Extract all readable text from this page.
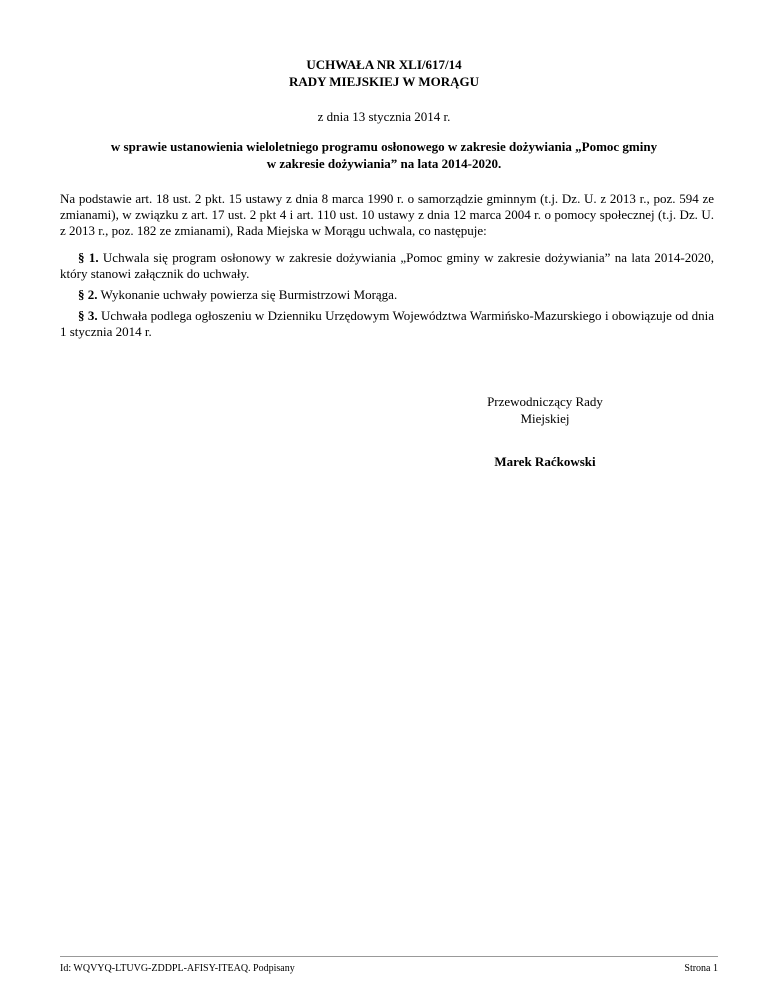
UCHWAŁA NR XLI/617/14
RADY MIEJSKIEJ W MORĄGU
z dnia 13 stycznia 2014 r.
w sprawie ustanowienia wieloletniego programu osłonowego w zakresie dożywiania „Pomoc gminy
w zakresie dożywiania” na lata 2014-2020.
Na podstawie art. 18 ust. 2 pkt. 15 ustawy z dnia 8 marca 1990 r. o samorządzie gminnym (t.j. Dz. U. z 2013 r., poz. 594 ze zmianami), w związku z art. 17 ust. 2 pkt 4 i art. 110 ust. 10 ustawy z dnia 12 marca 2004 r. o pomocy społecznej (t.j. Dz. U. z 2013 r., poz. 182 ze zmianami), Rada Miejska w Morągu uchwala, co następuje:
§ 1. Uchwala się program osłonowy w zakresie dożywiania „Pomoc gminy w zakresie dożywiania” na lata 2014-2020, który stanowi załącznik do uchwały.
§ 2. Wykonanie uchwały powierza się Burmistrzowi Morąga.
§ 3. Uchwała podlega ogłoszeniu w Dzienniku Urzędowym Województwa Warmińsko-Mazurskiego i obowiązuje od dnia 1 stycznia 2014 r.
Przewodniczący Rady
Miejskiej
Marek Raćkowski
Id: WQVYQ-LTUVG-ZDDPL-AFISY-ITEAQ. Podpisany	Strona 1
